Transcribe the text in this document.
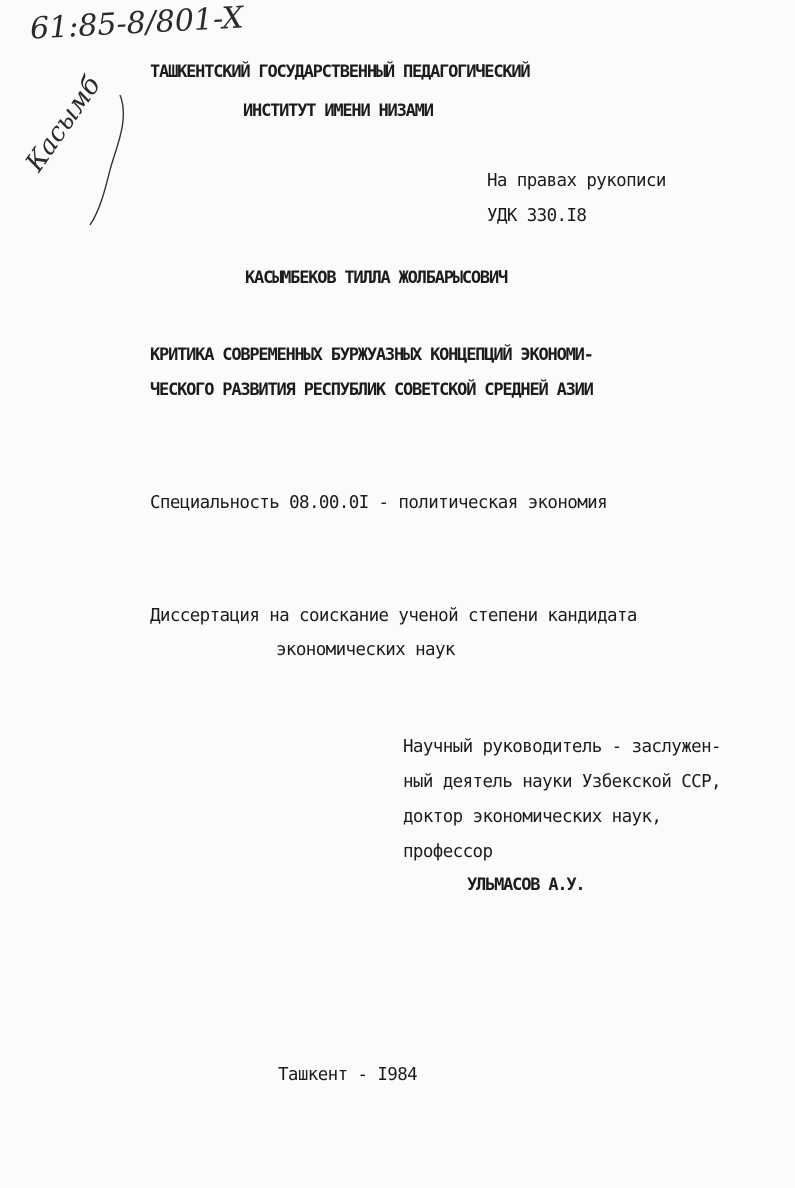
61:85-8/801-X
Касымб	ТАШКЕНТСКИЙ ГОСУДАРСТВЕННЫЙ ПЕДАГОГИЧЕСКИЙ
ИНСТИТУТ ИМЕНИ НИЗАМИ
На правах рукописи
УДК 330.I8
КАСЫМБЕКОВ ТИЛЛА ЖОЛБАРЫСОВИЧ
КРИТИКА СОВРЕМЕННЫХ БУРЖУАЗНЫХ КОНЦЕПЦИЙ ЭКОНОМИ-
ЧЕСКОГО РАЗВИТИЯ РЕСПУБЛИК СОВЕТСКОЙ СРЕДНЕЙ АЗИИ
Специальность 08.00.0I - политическая экономия
Диссертация на соискание ученой степени кандидата
экономических наук
Научный руководитель - заслужен-
ный деятель науки Узбекской ССР,
доктор экономических наук,
профессор
УЛЬМАСОВ А.У.
Ташкент - I984
